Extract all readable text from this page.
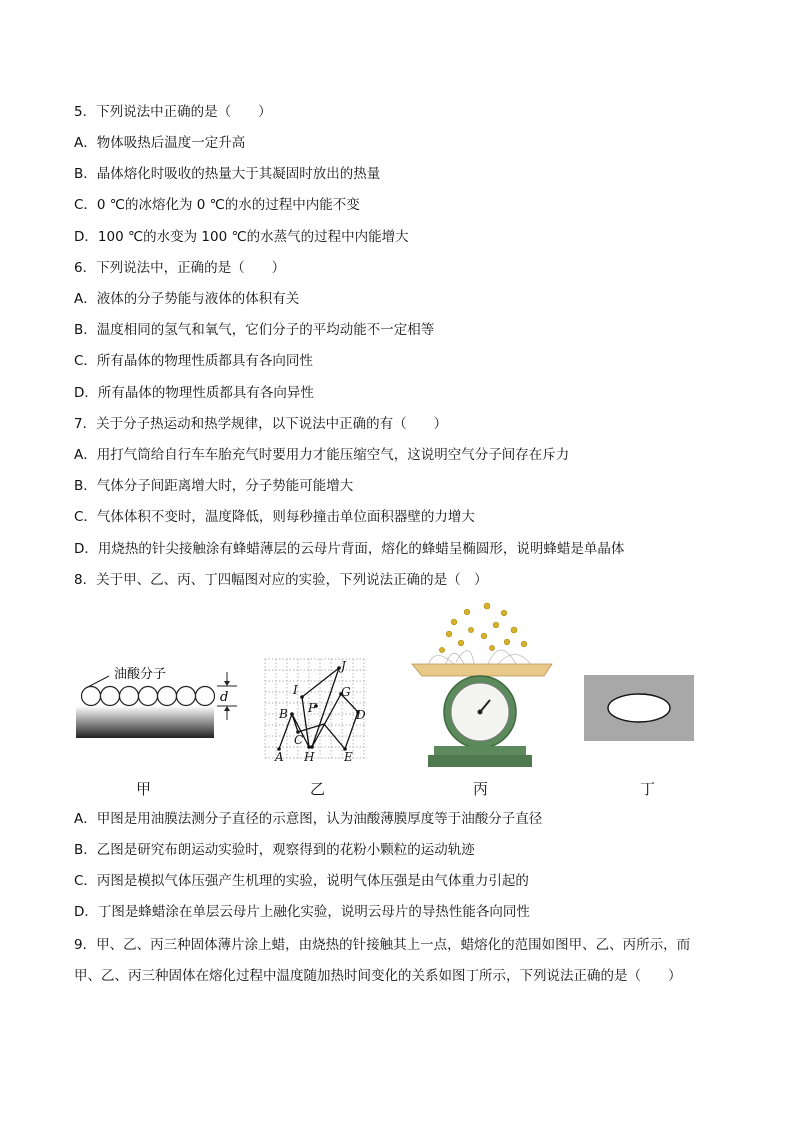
5．下列说法中正确的是（　　）
A．物体吸热后温度一定升高
B．晶体熔化时吸收的热量大于其凝固时放出的热量
C．0 ℃的冰熔化为 0 ℃的水的过程中内能不变
D．100 ℃的水变为 100 ℃的水蒸气的过程中内能增大
6．下列说法中，正确的是（　　）
A．液体的分子势能与液体的体积有关
B．温度相同的氢气和氧气，它们分子的平均动能不一定相等
C．所有晶体的物理性质都具有各向同性
D．所有晶体的物理性质都具有各向异性
7．关于分子热运动和热学规律，以下说法中正确的有（　　）
A．用打气筒给自行车车胎充气时要用力才能压缩空气，这说明空气分子间存在斥力
B．气体分子间距离增大时，分子势能可能增大
C．气体体积不变时，温度降低，则每秒撞击单位面积器壁的力增大
D．用烧热的针尖接触涂有蜂蜡薄层的云母片背面，熔化的蜂蜡呈椭圆形，说明蜂蜡是单晶体
8．关于甲、乙、丙、丁四幅图对应的实验，下列说法正确的是（　）
油酸分子
d
J
I	G
B F	D
C
A H E
甲	乙	丙	丁
A．甲图是用油膜法测分子直径的示意图，认为油酸薄膜厚度等于油酸分子直径
B．乙图是研究布朗运动实验时，观察得到的花粉小颗粒的运动轨迹
C．丙图是模拟气体压强产生机理的实验，说明气体压强是由气体重力引起的
D．丁图是蜂蜡涂在单层云母片上融化实验，说明云母片的导热性能各向同性
9．甲、乙、丙三种固体薄片涂上蜡，由烧热的针接触其上一点，蜡熔化的范围如图甲、乙、丙所示，而
甲、乙、丙三种固体在熔化过程中温度随加热时间变化的关系如图丁所示，下列说法正确的是（　　）
